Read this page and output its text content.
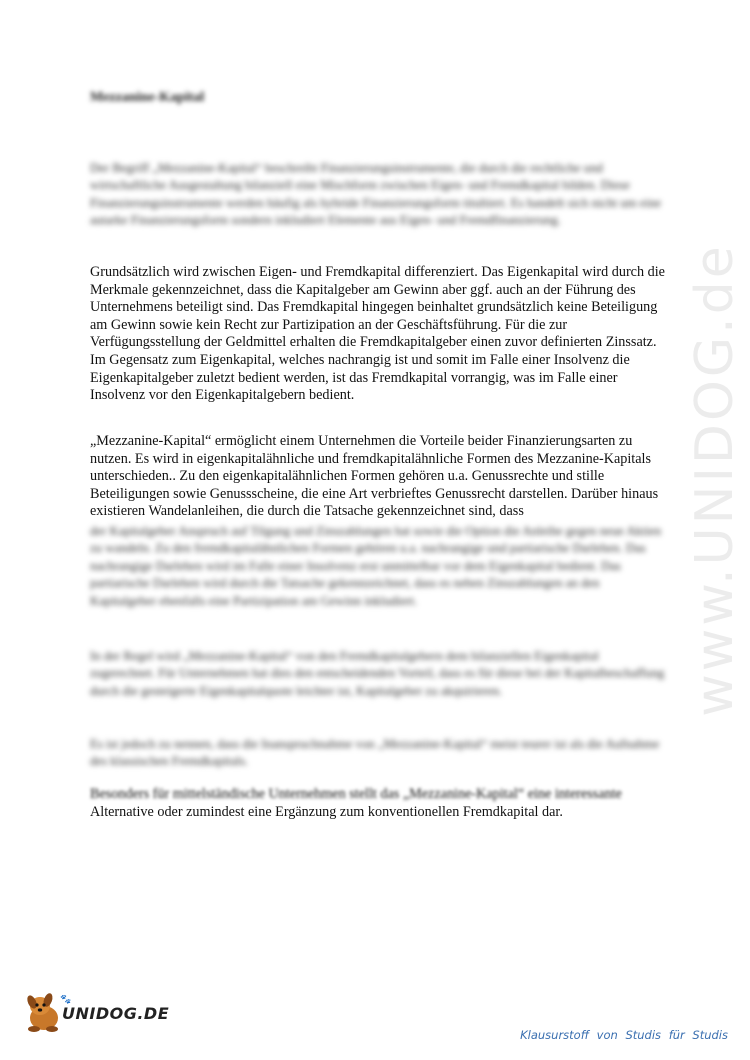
www.UNIDOG.de
Mezzanine-Kapital

Der Begriff „Mezzanine-Kapital“ beschreibt Finanzierungsinstrumente, die durch die rechtliche und wirtschaftliche Ausgestaltung bilanziell eine Mischform zwischen Eigen- und Fremdkapital bilden. Diese Finanzierungsinstrumente werden häufig als hybride Finanzierungsform titultiert. Es handelt sich nicht um eine autarke Finanzierungsform sondern inkludiert Elemente aus Eigen- und Fremdfinanzierung.

Grundsätzlich wird zwischen Eigen- und Fremdkapital differenziert. Das Eigenkapital wird durch die Merkmale gekennzeichnet, dass die Kapitalgeber am Gewinn aber ggf. auch an der Führung des Unternehmens beteiligt sind. Das Fremdkapital hingegen beinhaltet grundsätzlich keine Beteiligung am Gewinn sowie kein Recht zur Partizipation an der Geschäftsführung. Für die zur Verfügungsstellung der Geldmittel erhalten die Fremdkapitalgeber einen zuvor definierten Zinssatz. Im Gegensatz zum Eigenkapital, welches nachrangig ist und somit im Falle einer Insolvenz die Eigenkapitalgeber zuletzt bedient werden, ist das Fremdkapital vorrangig, was im Falle einer Insolvenz vor den Eigenkapitalgebern bedient.

„Mezzanine-Kapital“ ermöglicht einem Unternehmen die Vorteile beider Finanzierungsarten zu nutzen. Es wird in eigenkapitalähnliche und fremdkapitalähnliche Formen des Mezzanine-Kapitals unterschieden.. Zu den eigenkapitalähnlichen Formen gehören u.a. Genussrechte und stille Beteiligungen sowie Genussscheine, die eine Art verbrieftes Genussrecht darstellen. Darüber hinaus existieren Wandelanleihen, die durch die Tatsache gekennzeichnet sind, dass

der Kapitalgeber Anspruch auf Tilgung und Zinszahlungen hat sowie die Option die Anleihe gegen neue Aktien zu wandeln. Zu den fremdkapitalähnlichen Formen gehören u.a. nachrangige und partiarische Darlehen. Das nachrangige Darlehen wird im Falle einer Insolvenz erst unmittelbar vor dem Eigenkapital bedient. Das partiarische Darlehen wird durch die Tatsache gekennzeichnet, dass es neben Zinszahlungen an den Kapitalgeber ebenfalls eine Partizipation am Gewinn inkludiert.

In der Regel wird „Mezzanine-Kapital“ von den Fremdkapitalgebern dem bilanziellen Eigenkapital zugerechnet. Für Unternehmen hat dies den entscheidenden Vorteil, dass es für diese bei der Kapitalbeschaffung durch die gesteigerte Eigenkapitalquote leichter ist, Kapitalgeber zu akquirieren.

Es ist jedoch zu nennen, dass die Inanspruchnahme von „Mezzanine-Kapital“ meist teurer ist als die Aufnahme des klassischen Fremdkapitals.

Besonders für mittelständische Unternehmen stellt das „Mezzanine-Kapital“ eine interessante
Alternative oder zumindest eine Ergänzung zum konventionellen Fremdkapital dar.

🐾
UNIDOG.DE
Klausurstoff von Studis für Studis
